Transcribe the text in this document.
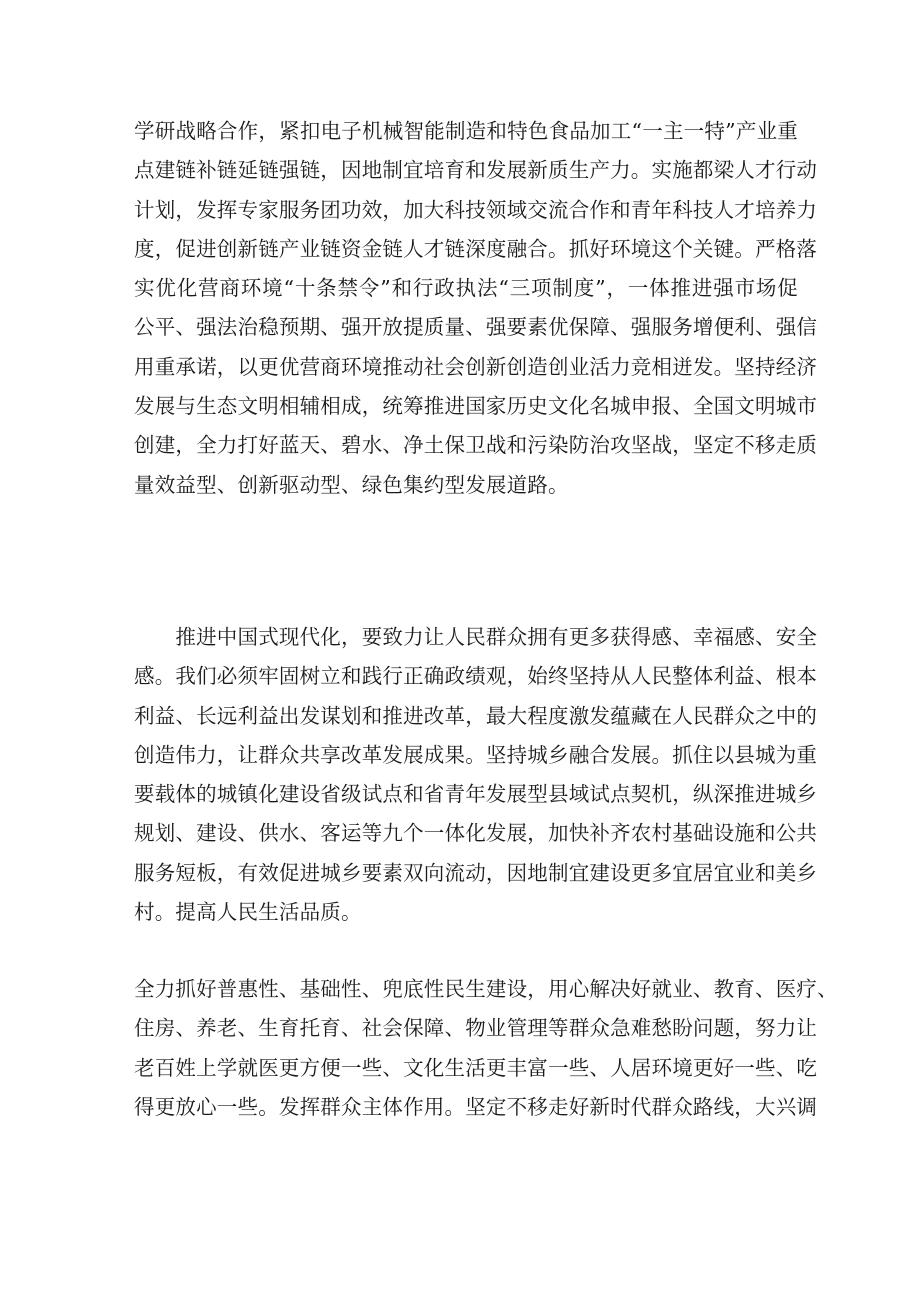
学研战略合作，紧扣电子机械智能制造和特色食品加工“一主一特”产业重
点建链补链延链强链，因地制宜培育和发展新质生产力。实施都梁人才行动
计划，发挥专家服务团功效，加大科技领域交流合作和青年科技人才培养力
度，促进创新链产业链资金链人才链深度融合。抓好环境这个关键。严格落
实优化营商环境“十条禁令”和行政执法“三项制度”，一体推进强市场促
公平、强法治稳预期、强开放提质量、强要素优保障、强服务增便利、强信
用重承诺，以更优营商环境推动社会创新创造创业活力竞相迸发。坚持经济
发展与生态文明相辅相成，统筹推进国家历史文化名城申报、全国文明城市
创建，全力打好蓝天、碧水、净土保卫战和污染防治攻坚战，坚定不移走质
量效益型、创新驱动型、绿色集约型发展道路。
　　推进中国式现代化，要致力让人民群众拥有更多获得感、幸福感、安全
感。我们必须牢固树立和践行正确政绩观，始终坚持从人民整体利益、根本
利益、长远利益出发谋划和推进改革，最大程度激发蕴藏在人民群众之中的
创造伟力，让群众共享改革发展成果。坚持城乡融合发展。抓住以县城为重
要载体的城镇化建设省级试点和省青年发展型县域试点契机，纵深推进城乡
规划、建设、供水、客运等九个一体化发展，加快补齐农村基础设施和公共
服务短板，有效促进城乡要素双向流动，因地制宜建设更多宜居宜业和美乡
村。提高人民生活品质。
全力抓好普惠性、基础性、兜底性民生建设，用心解决好就业、教育、医疗、
住房、养老、生育托育、社会保障、物业管理等群众急难愁盼问题，努力让
老百姓上学就医更方便一些、文化生活更丰富一些、人居环境更好一些、吃
得更放心一些。发挥群众主体作用。坚定不移走好新时代群众路线，大兴调
